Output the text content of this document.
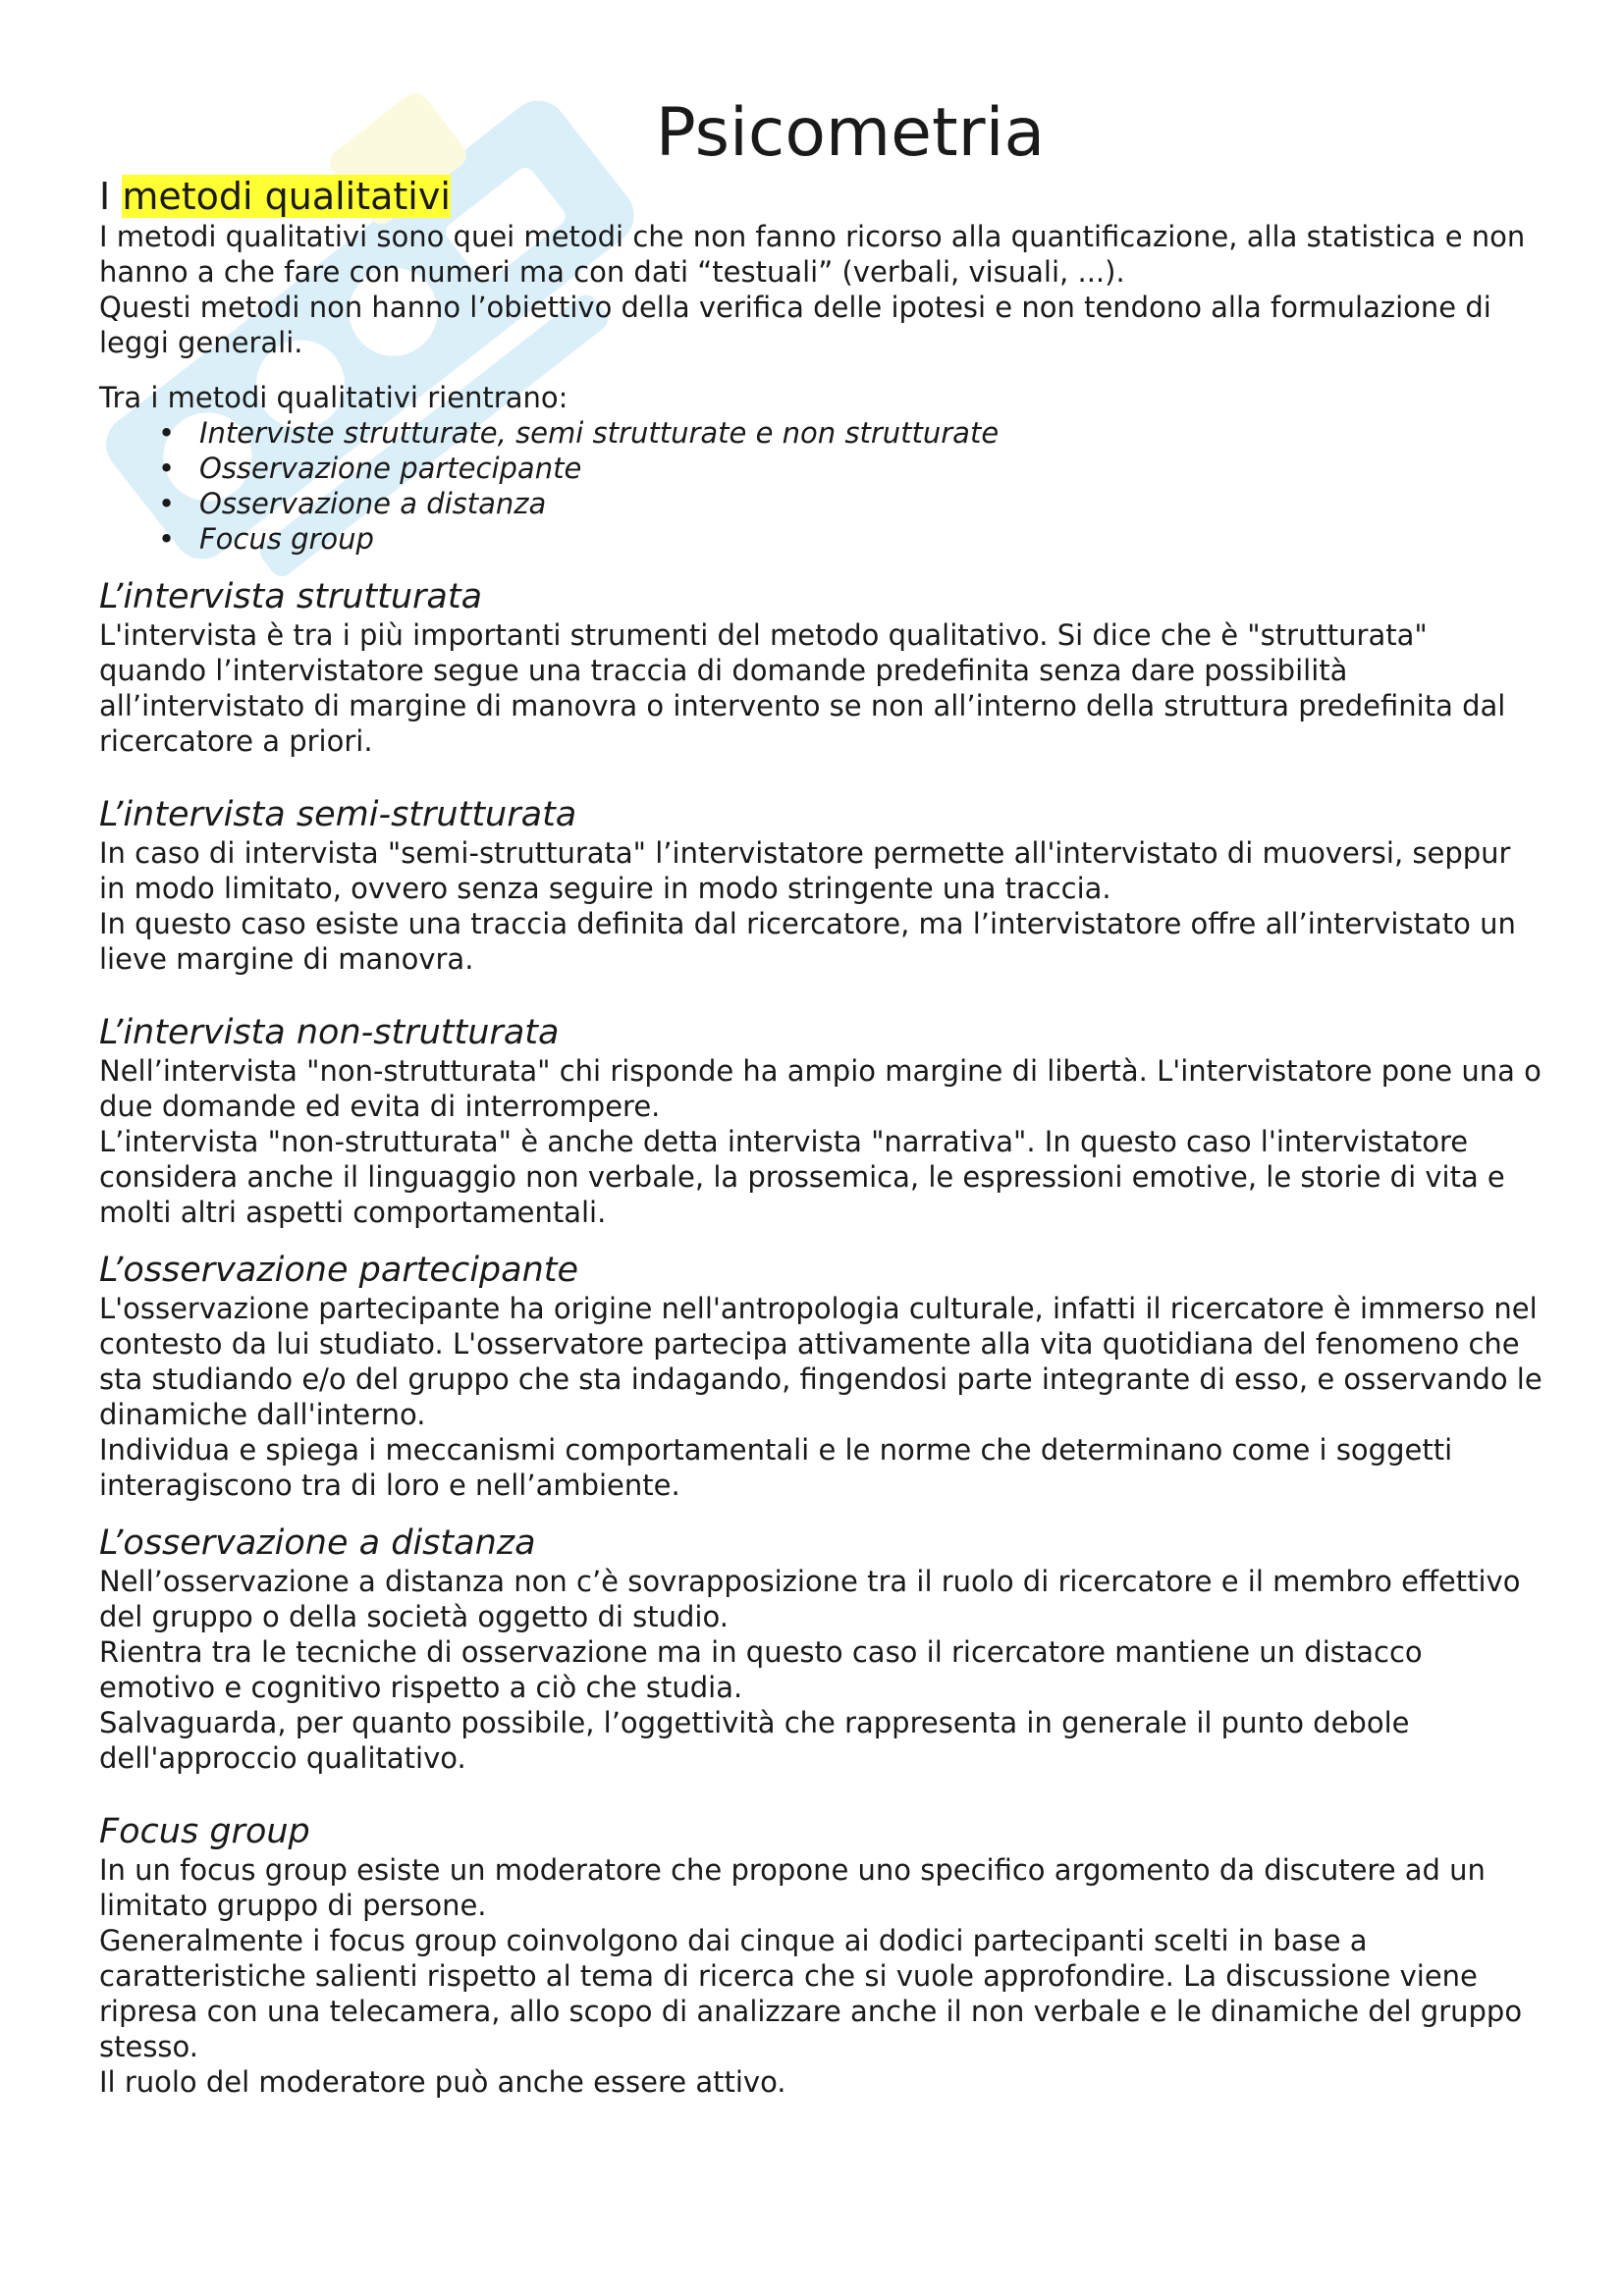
Psicometria
I metodi qualitativi

I metodi qualitativi sono quei metodi che non fanno ricorso alla quantificazione, alla statistica e non hanno a che fare con numeri ma con dati “testuali” (verbali, visuali, ...).

Questi metodi non hanno l’obiettivo della verifica delle ipotesi e non tendono alla formulazione di leggi generali.

Tra i metodi qualitativi rientrano:

• Interviste strutturate, semi strutturate e non strutturate
• Osservazione partecipante
• Osservazione a distanza
• Focus group
L’intervista strutturata

L'intervista è tra i più importanti strumenti del metodo qualitativo. Si dice che è "strutturata" quando l’intervistatore segue una traccia di domande predefinita senza dare possibilità all’intervistato di margine di manovra o intervento se non all’interno della struttura predefinita dal ricercatore a priori.

L’intervista semi-strutturata

In caso di intervista "semi-strutturata" l’intervistatore permette all'intervistato di muoversi, seppur in modo limitato, ovvero senza seguire in modo stringente una traccia.

In questo caso esiste una traccia definita dal ricercatore, ma l’intervistatore offre all’intervistato un lieve margine di manovra.

L’intervista non-strutturata

Nell’intervista "non-strutturata" chi risponde ha ampio margine di libertà. L'intervistatore pone una o due domande ed evita di interrompere.

L’intervista "non-strutturata" è anche detta intervista "narrativa". In questo caso l'intervistatore considera anche il linguaggio non verbale, la prossemica, le espressioni emotive, le storie di vita e molti altri aspetti comportamentali.

L’osservazione partecipante

L'osservazione partecipante ha origine nell'antropologia culturale, infatti il ricercatore è immerso nel contesto da lui studiato. L'osservatore partecipa attivamente alla vita quotidiana del fenomeno che sta studiando e/o del gruppo che sta indagando, fingendosi parte integrante di esso, e osservando le dinamiche dall'interno.

Individua e spiega i meccanismi comportamentali e le norme che determinano come i soggetti interagiscono tra di loro e nell’ambiente.

L’osservazione a distanza

Nell’osservazione a distanza non c’è sovrapposizione tra il ruolo di ricercatore e il membro effettivo del gruppo o della società oggetto di studio.

Rientra tra le tecniche di osservazione ma in questo caso il ricercatore mantiene un distacco emotivo e cognitivo rispetto a ciò che studia.

Salvaguarda, per quanto possibile, l’oggettività che rappresenta in generale il punto debole dell'approccio qualitativo.

Focus group

In un focus group esiste un moderatore che propone uno specifico argomento da discutere ad un limitato gruppo di persone.

Generalmente i focus group coinvolgono dai cinque ai dodici partecipanti scelti in base a caratteristiche salienti rispetto al tema di ricerca che si vuole approfondire. La discussione viene ripresa con una telecamera, allo scopo di analizzare anche il non verbale e le dinamiche del gruppo stesso.

Il ruolo del moderatore può anche essere attivo.
